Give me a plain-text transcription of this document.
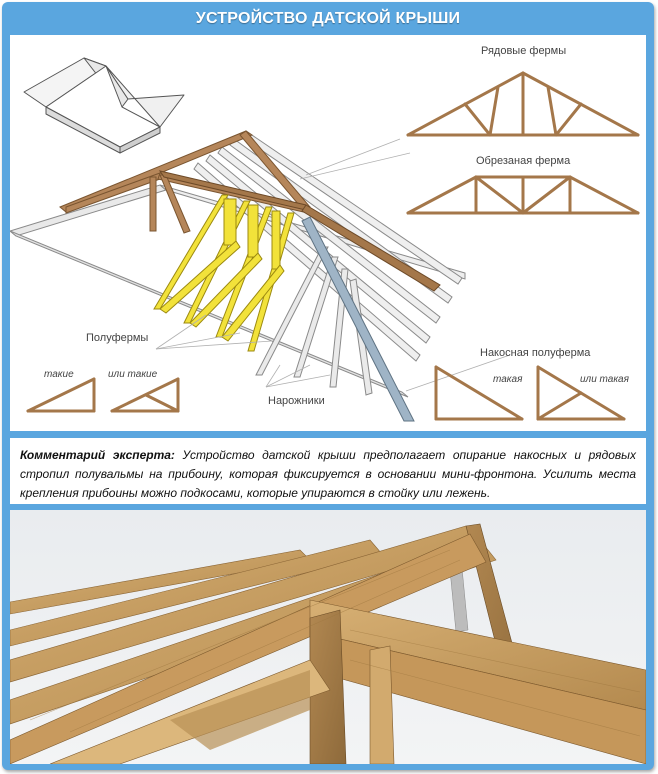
УСТРОЙСТВО ДАТСКОЙ КРЫШИ
Рядовые фермы
Обрезаная ферма
Полуфермы
Нарожники
Накосная полуферма
такие	или такие	такая	или такая
Комментарий эксперта: Устройство датской крыши предполагает опирание накосных и рядовых стропил полувальмы на прибоину, которая фиксируется в основании мини-фронтона. Усилить места крепления прибоины можно подкосами, которые упираются в стойку или лежень.
